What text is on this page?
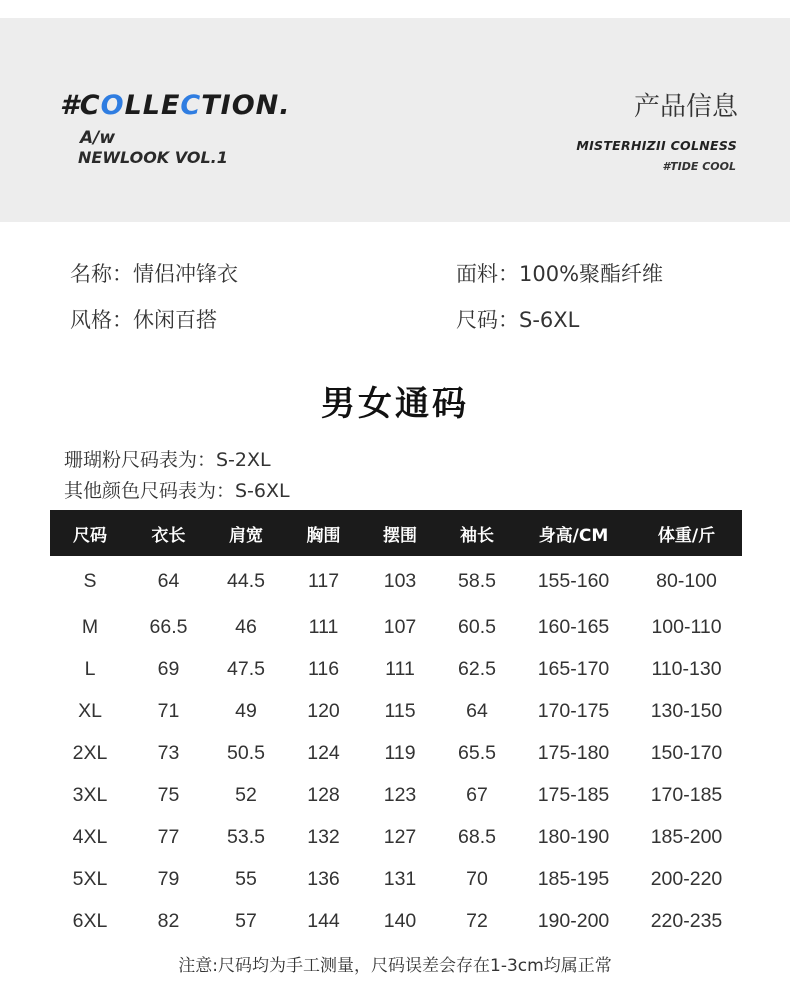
#COLLECTION.
A/w
NEWLOOK VOL.1
产品信息
MISTERHIZII COLNESS
#TIDE COOL
名称：情侣冲锋衣	面料：100%聚酯纤维
风格：休闲百搭	尺码：S-6XL
男女通码
珊瑚粉尺码表为：S-2XL
其他颜色尺码表为：S-6XL
尺码	衣长	肩宽	胸围	摆围	袖长	身高/CM	体重/斤
S	64	44.5	117	103	58.5	155-160	80-100
M	66.5	46	111	107	60.5	160-165	100-110
L	69	47.5	116	111	62.5	165-170	110-130
XL	71	49	120	115	64	170-175	130-150
2XL	73	50.5	124	119	65.5	175-180	150-170
3XL	75	52	128	123	67	175-185	170-185
4XL	77	53.5	132	127	68.5	180-190	185-200
5XL	79	55	136	131	70	185-195	200-220
6XL	82	57	144	140	72	190-200	220-235
注意:尺码均为手工测量，尺码误差会存在1-3cm均属正常
